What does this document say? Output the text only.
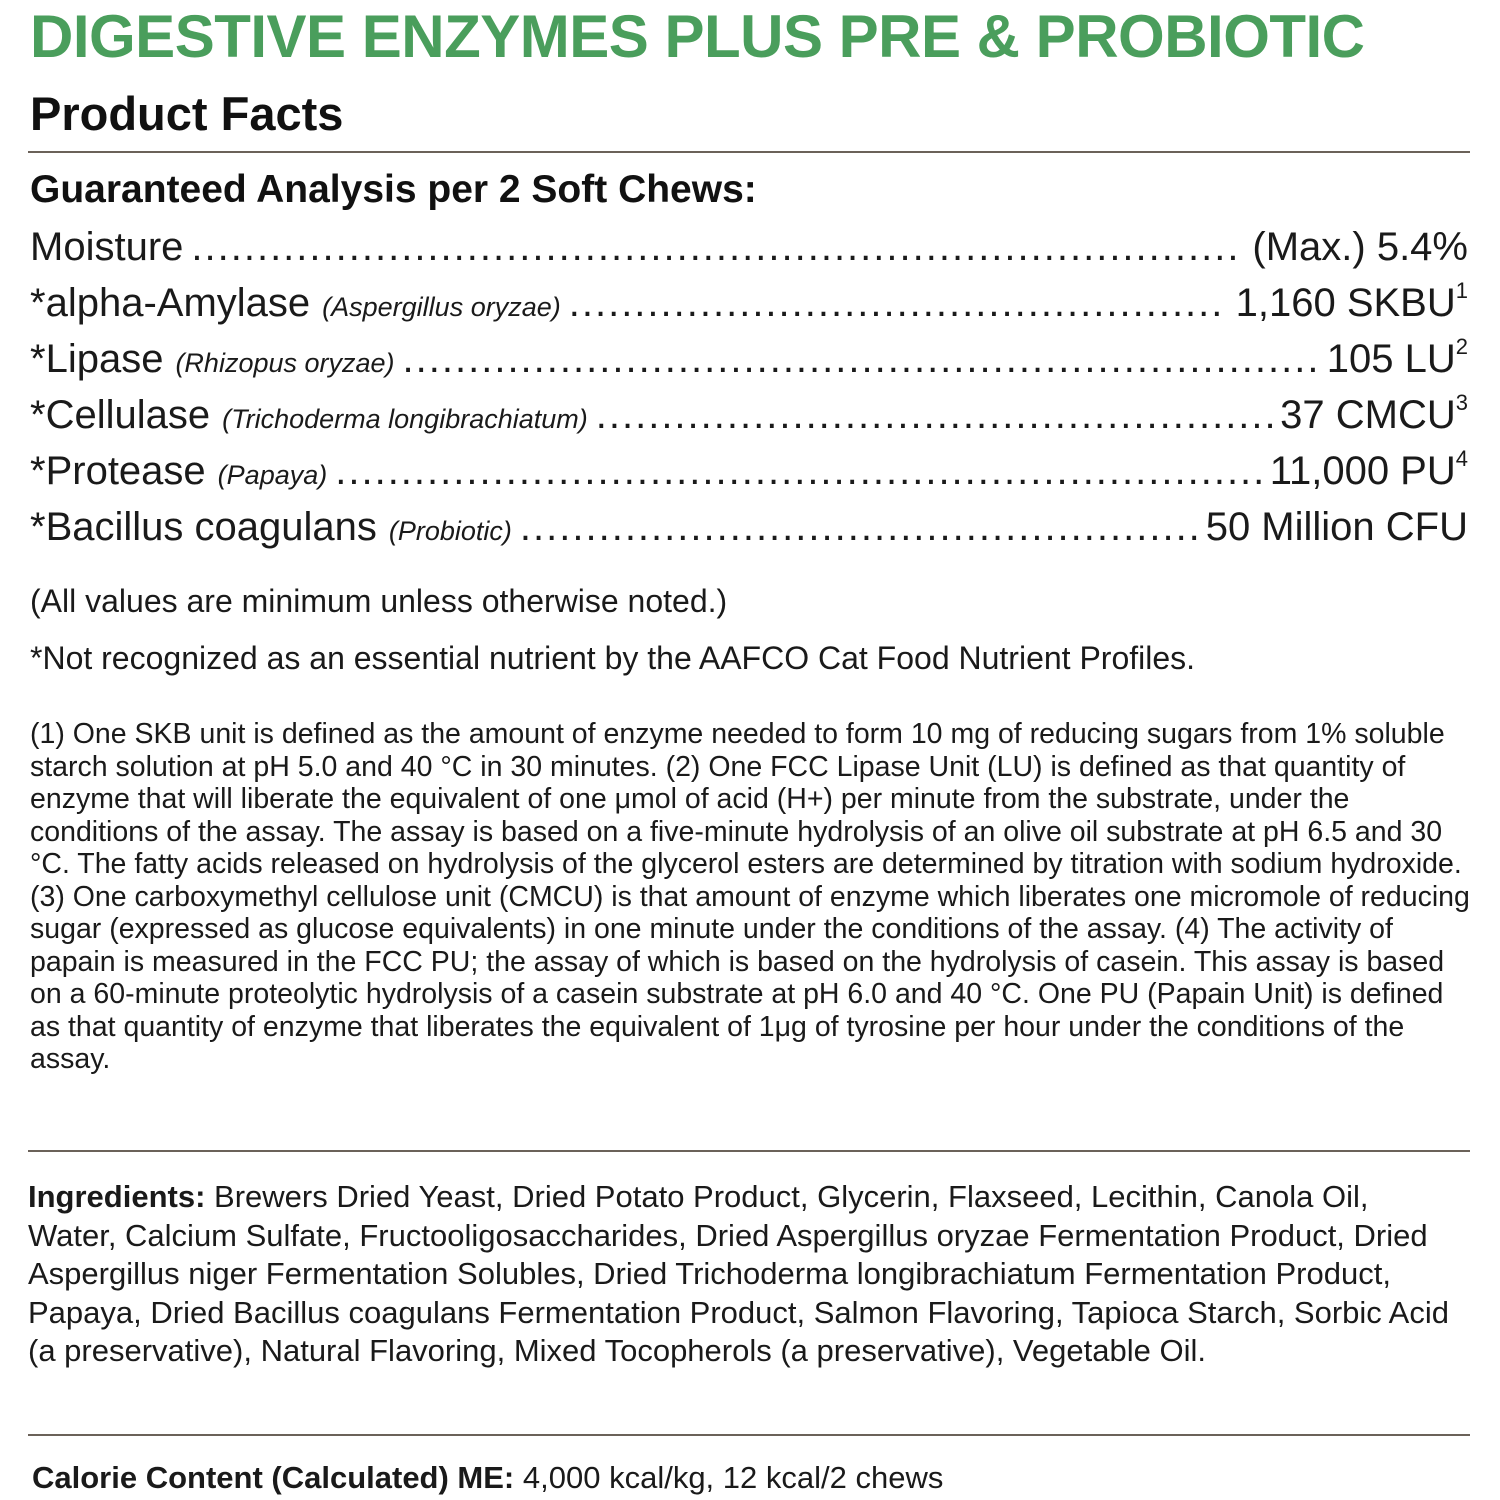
DIGESTIVE ENZYMES PLUS PRE & PROBIOTIC
Product Facts
Guaranteed Analysis per 2 Soft Chews:
Moisture .....	(Max.) 5.4%
*alpha-Amylase (Aspergillus oryzae) .....	1,160 SKBU$^1$
*Lipase (Rhizopus oryzae) .....	105 $LU^2$
*Cellulase (Trichoderma longibrachiatum) .....	37 CMCU$^3$
*Protease (Papaya) .....	11,000 $PU^4$
*Bacillus coagulans (Probiotic) .....	50 Million CFU
(All values are minimum unless otherwise noted.)
*Not recognized as an essential nutrient by the AAFCO Cat Food Nutrient Profiles.
(1) One SKB unit is defined as the amount of enzyme needed to form 10 mg of reducing sugars from 1% soluble starch solution at pH 5.0 and 40 °C in 30 minutes. (2) One FCC Lipase Unit (LU) is defined as that quantity of enzyme that will liberate the equivalent of one μmol of acid (H+) per minute from the substrate, under the conditions of the assay. The assay is based on a five-minute hydrolysis of an olive oil substrate at pH 6.5 and 30 °C. The fatty acids released on hydrolysis of the glycerol esters are determined by titration with sodium hydroxide. (3) One carboxymethyl cellulose unit (CMCU) is that amount of enzyme which liberates one micromole of reducing sugar (expressed as glucose equivalents) in one minute under the conditions of the assay. (4) The activity of papain is measured in the FCC PU; the assay of which is based on the hydrolysis of casein. This assay is based on a 60-minute proteolytic hydrolysis of a casein substrate at pH 6.0 and 40 °C. One PU (Papain Unit) is defined as that quantity of enzyme that liberates the equivalent of 1μg of tyrosine per hour under the conditions of the assay.
Ingredients: Brewers Dried Yeast, Dried Potato Product, Glycerin, Flaxseed, Lecithin, Canola Oil, Water, Calcium Sulfate, Fructooligosaccharides, Dried Aspergillus oryzae Fermentation Product, Dried Aspergillus niger Fermentation Solubles, Dried Trichoderma longibrachiatum Fermentation Product, Papaya, Dried Bacillus coagulans Fermentation Product, Salmon Flavoring, Tapioca Starch, Sorbic Acid (a preservative), Natural Flavoring, Mixed Tocopherols (a preservative), Vegetable Oil.
Calorie Content (Calculated) ME: 4,000 kcal/kg, 12 kcal/2 chews
